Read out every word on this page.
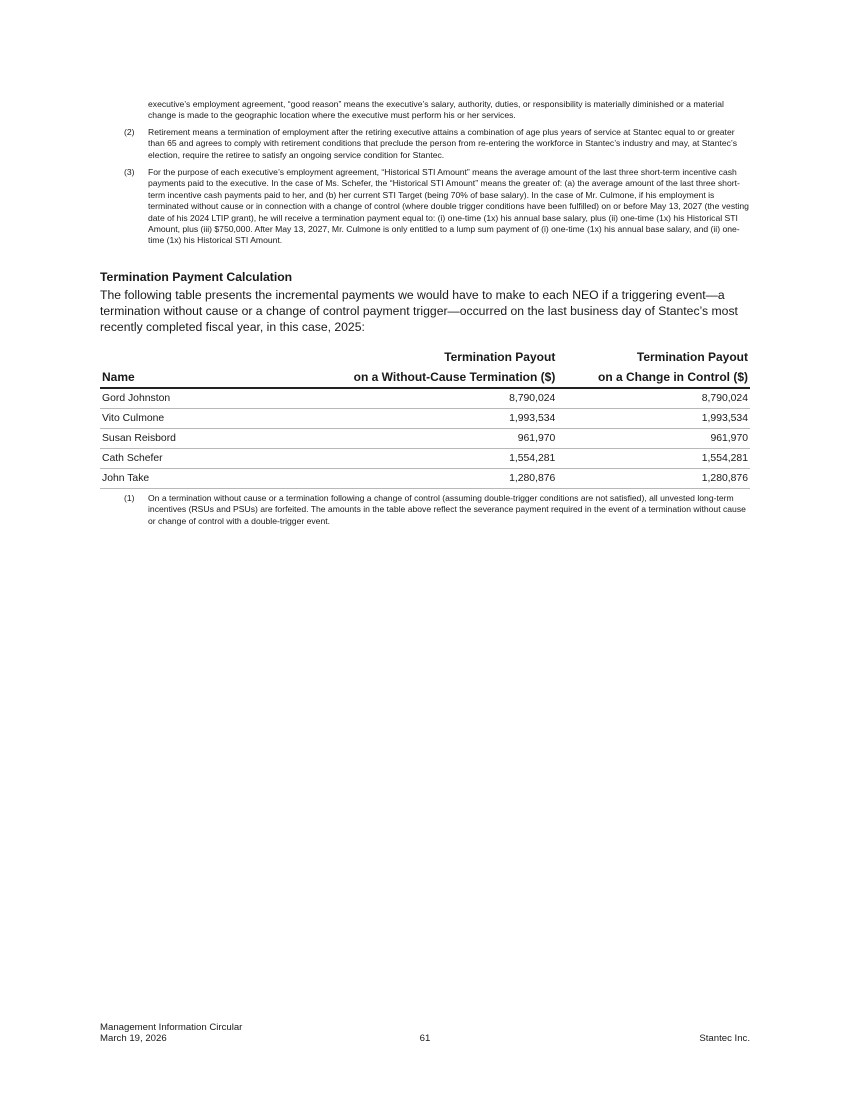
executive’s employment agreement, “good reason” means the executive’s salary, authority, duties, or responsibility is materially diminished or a material change is made to the geographic location where the executive must perform his or her services.

(2) Retirement means a termination of employment after the retiring executive attains a combination of age plus years of service at Stantec equal to or greater than 65 and agrees to comply with retirement conditions that preclude the person from re-entering the workforce in Stantec’s industry and may, at Stantec’s election, require the retiree to satisfy an ongoing service condition for Stantec.

(3) For the purpose of each executive’s employment agreement, “Historical STI Amount” means the average amount of the last three short-term incentive cash payments paid to the executive. In the case of Ms. Schefer, the “Historical STI Amount” means the greater of: (a) the average amount of the last three short-term incentive cash payments paid to her, and (b) her current STI Target (being 70% of base salary). In the case of Mr. Culmone, if his employment is terminated without cause or in connection with a change of control (where double trigger conditions have been fulfilled) on or before May 13, 2027 (the vesting date of his 2024 LTIP grant), he will receive a termination payment equal to: (i) one-time (1x) his annual base salary, plus (ii) one-time (1x) his Historical STI Amount, plus (iii) $750,000. After May 13, 2027, Mr. Culmone is only entitled to a lump sum payment of (i) one-time (1x) his annual base salary, and (ii) one-time (1x) his Historical STI Amount.

Termination Payment Calculation

The following table presents the incremental payments we would have to make to each NEO if a triggering event—a termination without cause or a change of control payment trigger—occurred on the last business day of Stantec’s most recently completed fiscal year, in this case, 2025:

	Termination Payout	Termination Payout
Name	on a Without-Cause Termination ($)	on a Change in Control ($)
Gord Johnston	8,790,024	8,790,024
Vito Culmone	1,993,534	1,993,534
Susan Reisbord	961,970	961,970
Cath Schefer	1,554,281	1,554,281
John Take	1,280,876	1,280,876
(1) On a termination without cause or a termination following a change of control (assuming double-trigger conditions are not satisfied), all unvested long-term incentives (RSUs and PSUs) are forfeited. The amounts in the table above reflect the severance payment required in the event of a termination without cause or change of control with a double-trigger event.

Management Information Circular

March 19, 2026	61	Stantec Inc.
